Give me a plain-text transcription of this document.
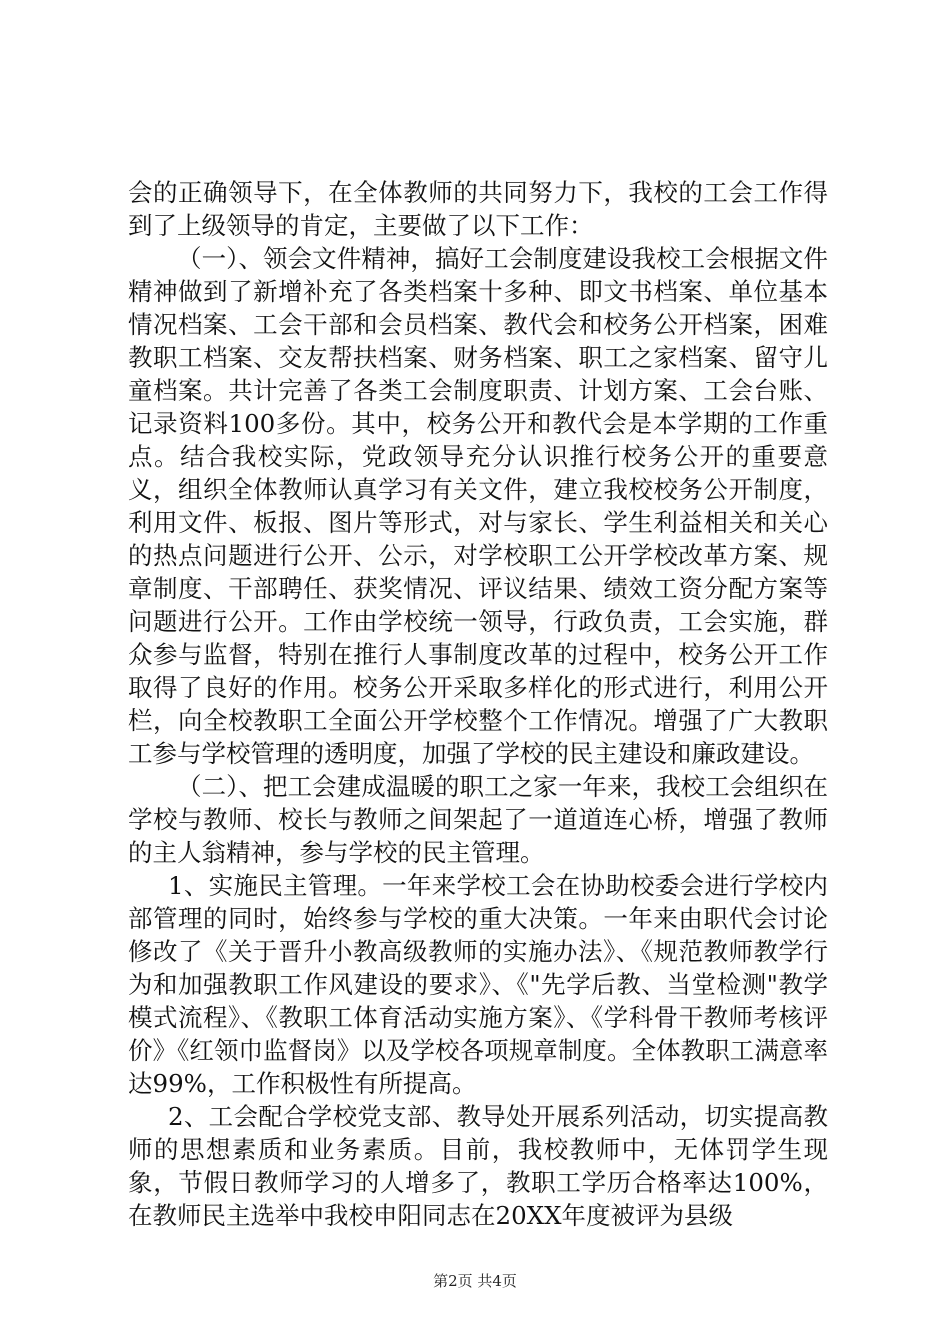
会的正确领导下，在全体教师的共同努力下，我校的工会工作得到了上级领导的肯定，主要做了以下工作：

（一）、领会文件精神，搞好工会制度建设我校工会根据文件精神做到了新增补充了各类档案十多种、即文书档案、单位基本情况档案、工会干部和会员档案、教代会和校务公开档案，困难教职工档案、交友帮扶档案、财务档案、职工之家档案、留守儿童档案。共计完善了各类工会制度职责、计划方案、工会台账、记录资料100多份。其中，校务公开和教代会是本学期的工作重点。结合我校实际，党政领导充分认识推行校务公开的重要意义，组织全体教师认真学习有关文件，建立我校校务公开制度，利用文件、板报、图片等形式，对与家长、学生利益相关和关心的热点问题进行公开、公示，对学校职工公开学校改革方案、规章制度、干部聘任、获奖情况、评议结果、绩效工资分配方案等问题进行公开。工作由学校统一领导，行政负责，工会实施，群众参与监督，特别在推行人事制度改革的过程中，校务公开工作取得了良好的作用。校务公开采取多样化的形式进行，利用公开栏，向全校教职工全面公开学校整个工作情况。增强了广大教职工参与学校管理的透明度，加强了学校的民主建设和廉政建设。

（二）、把工会建成温暖的职工之家一年来，我校工会组织在学校与教师、校长与教师之间架起了一道道连心桥，增强了教师的主人翁精神，参与学校的民主管理。

1、实施民主管理。一年来学校工会在协助校委会进行学校内部管理的同时，始终参与学校的重大决策。一年来由职代会讨论修改了《关于晋升小教高级教师的实施办法》、《规范教师教学行为和加强教职工作风建设的要求》、《"先学后教、当堂检测"教学模式流程》、《教职工体育活动实施方案》、《学科骨干教师考核评价》《红领巾监督岗》以及学校各项规章制度。全体教职工满意率达99%，工作积极性有所提高。

2、工会配合学校党支部、教导处开展系列活动，切实提高教师的思想素质和业务素质。目前，我校教师中，无体罚学生现象，节假日教师学习的人增多了，教职工学历合格率达100%，在教师民主选举中我校申阳同志在20XX年度被评为县级

第2页 共4页
